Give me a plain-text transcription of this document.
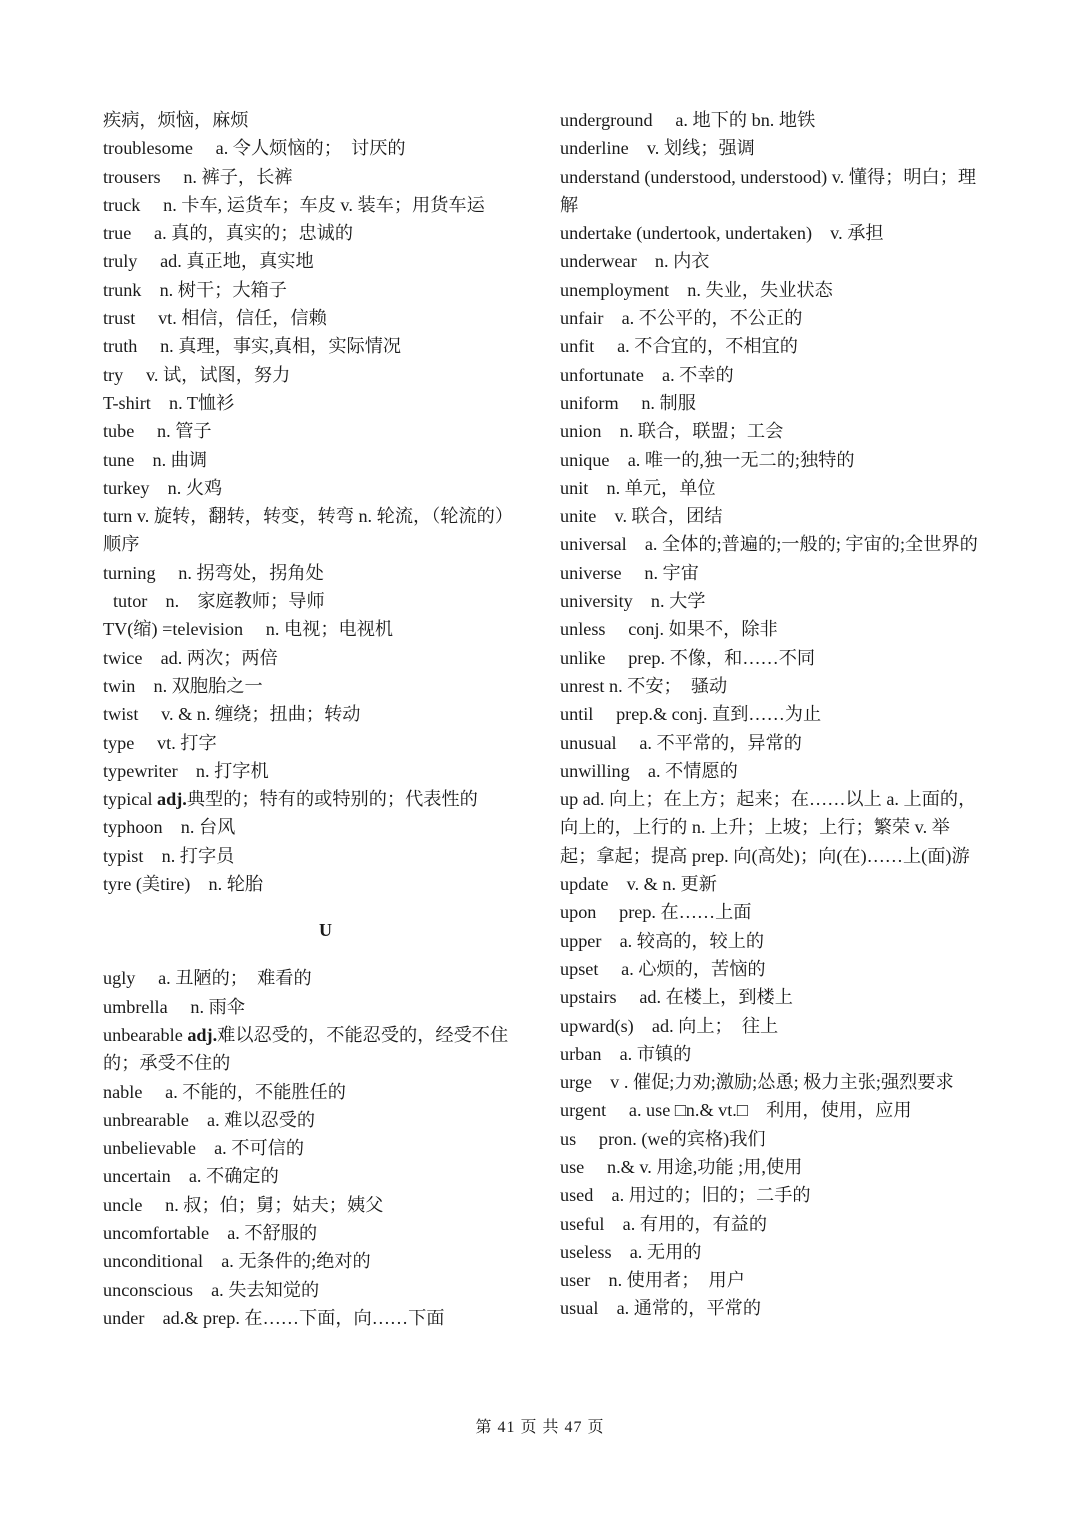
疾病，烦恼，麻烦

troublesome　 a. 令人烦恼的；　讨厌的

trousers　 n. 裤子，长裤

truck　 n. 卡车, 运货车；车皮 v. 装车；用货车运

true　 a. 真的，真实的；忠诚的

truly　 ad. 真正地，真实地

trunk　n. 树干；大箱子

trust　 vt. 相信，信任，信赖

truth　 n. 真理，事实,真相，实际情况

try　 v. 试，试图，努力

T-shirt　n. T恤衫

tube　 n. 管子

tune　n. 曲调

turkey　n. 火鸡

turn v. 旋转，翻转，转变，转弯 n. 轮流，（轮流的）顺序

turning　 n. 拐弯处，拐角处

tutor　n.　家庭教师；导师

TV(缩) =television　 n. 电视；电视机

twice　ad. 两次；两倍

twin　n. 双胞胎之一

twist　 v. & n. 缠绕；扭曲；转动

type　 vt. 打字

typewriter　n. 打字机

typical adj.典型的；特有的或特别的；代表性的

typhoon　n. 台风

typist　n. 打字员

tyre (美tire)　n. 轮胎

U

ugly　 a. 丑陋的；　难看的

umbrella　 n. 雨伞

unbearable adj.难以忍受的，不能忍受的，经受不住的；承受不住的

nable　 a. 不能的，不能胜任的

unbrearable　a. 难以忍受的

unbelievable　a. 不可信的

uncertain　a. 不确定的

uncle　 n. 叔；伯；舅；姑夫；姨父

uncomfortable　a. 不舒服的

unconditional　a. 无条件的;绝对的

unconscious　a. 失去知觉的

under　ad.& prep. 在……下面，向……下面

underground　 a. 地下的 bn. 地铁

underline　v. 划线；强调

understand (understood, understood) v. 懂得；明白；理解

undertake (undertook, undertaken)　v. 承担

underwear　n. 内衣

unemployment　n. 失业，失业状态

unfair　a. 不公平的，不公正的

unfit　 a. 不合宜的，不相宜的

unfortunate　a. 不幸的

uniform　 n. 制服

union　n. 联合，联盟；工会

unique　a. 唯一的,独一无二的;独特的

unit　n. 单元，单位

unite　v. 联合，团结

universal　a. 全体的;普遍的;一般的; 宇宙的;全世界的

universe　 n. 宇宙

university　n. 大学

unless　 conj. 如果不，除非

unlike　 prep. 不像，和……不同

unrest n. 不安；　骚动

until　 prep.& conj. 直到……为止

unusual　 a. 不平常的，异常的

unwilling　a. 不情愿的

up ad. 向上；在上方；起来；在……以上 a. 上面的，向上的，上行的 n. 上升；上坡；上行；繁荣 v. 举起；拿起；提高 prep. 向(高处)；向(在)……上(面)游

update　v. & n. 更新

upon　 prep. 在……上面

upper　a. 较高的，较上的

upset　 a. 心烦的，苦恼的

upstairs　 ad. 在楼上，到楼上

upward(s)　ad. 向上；　往上

urban　a. 市镇的

urge　v . 催促;力劝;激励;怂恿; 极力主张;强烈要求

urgent　 a. use □n.& vt.□　利用，使用，应用

us　 pron. (we的宾格)我们

use　 n.& v. 用途,功能 ;用,使用

used　a. 用过的；旧的；二手的

useful　a. 有用的，有益的

useless　a. 无用的

user　n. 使用者；　用户

usual　a. 通常的，平常的

第 41 页 共 47 页
